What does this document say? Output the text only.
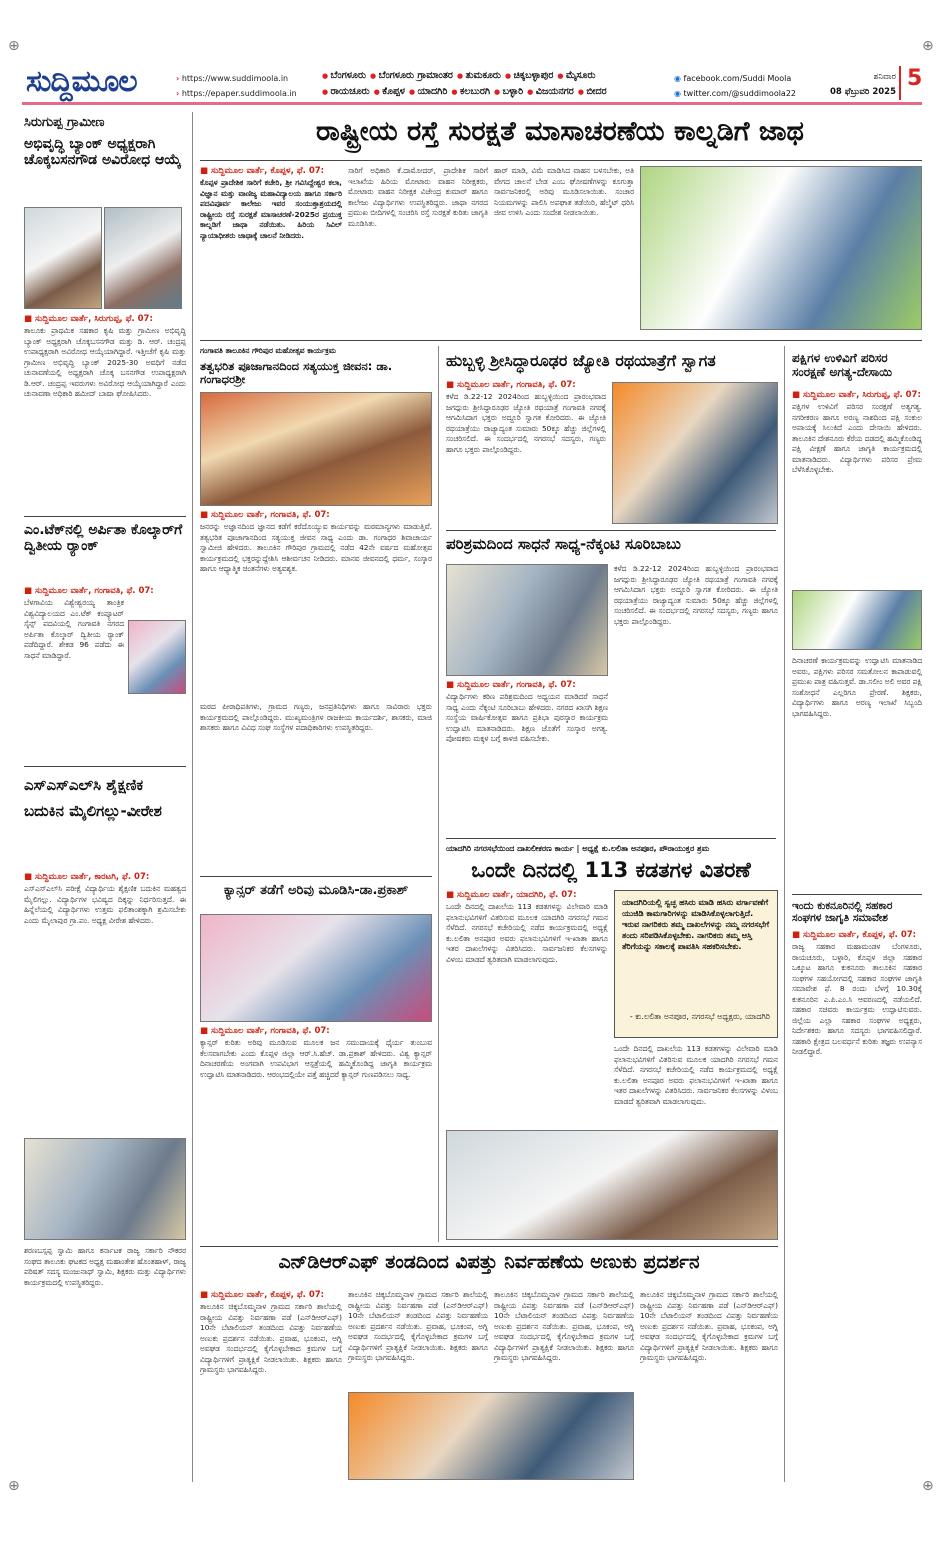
ಸುದ್ದಿಮೂಲ	› https://www.suddimoola.in
› https://epaper.suddimoola.in
● ಬೆಂಗಳೂರು ● ಬೆಂಗಳೂರು ಗ್ರಾಮಾಂತರ ● ತುಮಕೂರು ● ಚಿಕ್ಕಬಳ್ಳಾಪುರ ● ಮೈಸೂರು
● ರಾಯಚೂರು ● ಕೊಪ್ಪಳ ● ಯಾದಗಿರಿ ● ಕಲಬುರಗಿ ● ಬಳ್ಳಾರಿ ● ವಿಜಯನಗರ ● ಬೀದರ
◉ facebook.com/Suddi Moola
◉ twitter.com/@suddimoola22
ಶನಿವಾರ
08 ಫೆಬ್ರುವರಿ 2025
5
⊕	⊕
⊕	⊕
ಸಿರುಗುಪ್ಪ ಗ್ರಾಮೀಣ
ಅಭಿವೃದ್ಧಿ ಬ್ಯಾಂಕ್ ಅಧ್ಯಕ್ಷರಾಗಿ ಚೊಕ್ಕಬಸನಗೌಡ ಅವಿರೋಧ ಆಯ್ಕೆ
■ ಸುದ್ದಿಮೂಲ ವಾರ್ತೆ, ಸಿರುಗುಪ್ಪ, ಫೆ. 07:
ತಾಲೂಕು ಪ್ರಾಥಮಿಕ ಸಹಕಾರ ಕೃಷಿ ಮತ್ತು ಗ್ರಾಮೀಣ ಅಭಿವೃದ್ಧಿ ಬ್ಯಾಂಕ್ ಅಧ್ಯಕ್ಷರಾಗಿ ಚೊಕ್ಕಬಸನಗೌಡ ಮತ್ತು ಡಿ. ಆರ್. ಚಂದ್ರಪ್ಪ ಉಪಾಧ್ಯಕ್ಷರಾಗಿ ಅವಿರೋಧ ಆಯ್ಕೆಯಾಗಿದ್ದಾರೆ. ಇತ್ತೀಚೆಗೆ ಕೃಷಿ ಮತ್ತು ಗ್ರಾಮೀಣ ಅಭಿವೃದ್ಧಿ ಬ್ಯಾಂಕ್ 2025-30 ಅವಧಿಗೆ ನಡೆದ ಚುನಾವಣೆಯಲ್ಲಿ ಅಧ್ಯಕ್ಷರಾಗಿ ಚೊಕ್ಕ ಬಸನಗೌಡ ಉಪಾಧ್ಯಕ್ಷರಾಗಿ ಡಿ.ಆರ್. ಚಂದ್ರಪ್ಪ ಇವರುಗಳು ಅವಿರೋಧ ಆಯ್ಕೆಯಾಗಿದ್ದಾರೆ ಎಂದು ಚುನಾವಣಾ ಅಧಿಕಾರಿ ಹಮೀದ್ ಬಾಷಾ ಘೋಷಿಸಿದರು.
ಎಂ.ಟೆಕ್‌ನಲ್ಲಿ ಅರ್ಪಿತಾ ಕೊಲ್ಕಾರ್‌ಗೆ ದ್ವಿತೀಯ ರ್‍ಯಾಂಕ್
■ ಸುದ್ದಿಮೂಲ ವಾರ್ತೆ, ಗಂಗಾವತಿ, ಫೆ. 07:
ಬೆಳಗಾವಿಯ ವಿಶ್ವೇಶ್ವರಯ್ಯ ತಾಂತ್ರಿಕ ವಿಶ್ವವಿದ್ಯಾಲಯದ ಎಂ.ಟೆಕ್ ಕಂಪ್ಯೂಟರ್ ಸೈನ್ಸ್ ಪದವಿಯಲ್ಲಿ ಗಂಗಾವತಿ ನಗರದ ಅರ್ಪಿತಾ ಕೊಲ್ಕಾರ್ ದ್ವಿತೀಯ ರ್‍ಯಾಂಕ್ ಪಡೆದಿದ್ದಾರೆ. ಶೇಕಡ 96 ಪಡೆದು ಈ ಸಾಧನೆ ಮಾಡಿದ್ದಾರೆ.
ಎಸ್‌ಎಸ್‌ಎಲ್‌ಸಿ ಶೈಕ್ಷಣಿಕ ಬದುಕಿನ ಮೈಲಿಗಲ್ಲು-ವೀರೇಶ
■ ಸುದ್ದಿಮೂಲ ವಾರ್ತೆ, ಕಾರಟಗಿ, ಫೆ. 07:
ಎಸ್‌ಎಸ್‌ಎಲ್‌ಸಿ ಪರೀಕ್ಷೆ ವಿದ್ಯಾರ್ಥಿಯ ಶೈಕ್ಷಣಿಕ ಬದುಕಿನ ಮಹತ್ವದ ಮೈಲಿಗಲ್ಲು. ವಿದ್ಯಾರ್ಥಿಗಳ ಭವಿಷ್ಯದ ದಿಕ್ಕನ್ನು ನಿರ್ಧರಿಸುತ್ತದೆ. ಈ ಹಿನ್ನೆಲೆಯಲ್ಲಿ ವಿದ್ಯಾರ್ಥಿಗಳು ಉತ್ತಮ ಫಲಿತಾಂಶಕ್ಕಾಗಿ ಶ್ರಮಿಸಬೇಕು ಎಂದು ಮೈಲಾಪುರ ಗ್ರಾ.ಪಂ. ಅಧ್ಯಕ್ಷ ವೀರೇಶ ಹೇಳಿದರು.
ಶರಣಬಸ್ಸಪ್ಪ ಸ್ವಾಮಿ ಹಾಗೂ ಕರ್ನಾಟಕ ರಾಜ್ಯ ಸರ್ಕಾರಿ ನೌಕರರ ಸಂಘದ ತಾಲೂಕು ಘಟಕದ ಅಧ್ಯಕ್ಷ ಮಹಾಂತೇಶ ಹೊಂತಹಾಳ್, ರಾಜ್ಯ ಪರಿಷತ್ ಸದಸ್ಯ ಮಂಜುನಾಥ್ ಸ್ವಾಮಿ, ಶಿಕ್ಷಕರು ಮತ್ತು ವಿದ್ಯಾರ್ಥಿಗಳು ಕಾರ್ಯಕ್ರಮದಲ್ಲಿ ಉಪಸ್ಥಿತರಿದ್ದರು.
ರಾಷ್ಟ್ರೀಯ ರಸ್ತೆ ಸುರಕ್ಷತೆ ಮಾಸಾಚರಣೆಯ ಕಾಲ್ನಡಿಗೆ ಜಾಥ
■ ಸುದ್ದಿಮೂಲ ವಾರ್ತೆ, ಕೊಪ್ಪಳ, ಫೆ. 07:
ಕೊಪ್ಪಳ ಪ್ರಾದೇಶಿಕ ಸಾರಿಗೆ ಕಚೇರಿ, ಶ್ರೀ ಗವಿಸಿದ್ದೇಶ್ವರ ಕಲಾ, ವಿಜ್ಞಾನ ಮತ್ತು ವಾಣಿಜ್ಯ ಮಹಾವಿದ್ಯಾಲಯ ಹಾಗೂ ಸರ್ಕಾರಿ ಪದವಿಪೂರ್ವ ಕಾಲೇಜು ಇವರ ಸಂಯುಕ್ತಾಶ್ರಯದಲ್ಲಿ ರಾಷ್ಟ್ರೀಯ ರಸ್ತೆ ಸುರಕ್ಷತೆ ಮಾಸಾಚರಣೆ-2025ರ ಪ್ರಯುಕ್ತ ಕಾಲ್ನಡಿಗೆ ಜಾಥಾ ನಡೆಯಿತು. ಹಿರಿಯ ಸಿವಿಲ್ ನ್ಯಾಯಾಧೀಶರು ಜಾಥಾಕ್ಕೆ ಚಾಲನೆ ನೀಡಿದರು.
ಸಾರಿಗೆ ಅಧಿಕಾರಿ ಕೆ.ದಾಮೋದರ್, ಪ್ರಾದೇಶಿಕ ಸಾರಿಗೆ ಇಲಾಖೆಯ ಹಿರಿಯ ಮೋಟಾರು ವಾಹನ ನಿರೀಕ್ಷಕರು, ಮೋಟಾರು ವಾಹನ ನಿರೀಕ್ಷಕ ವಿಜೇಂದ್ರ ಕುಮಾರ್ ಹಾಗೂ ಕಾಲೇಜು ವಿದ್ಯಾರ್ಥಿಗಳು ಉಪಸ್ಥಿತರಿದ್ದರು. ಜಾಥಾ ನಗರದ ಪ್ರಮುಖ ಬೀದಿಗಳಲ್ಲಿ ಸಂಚರಿಸಿ ರಸ್ತೆ ಸುರಕ್ಷತೆ ಕುರಿತು ಜಾಗೃತಿ ಮೂಡಿಸಿತು.
ಹಾರ್ ಮಾಡಿ, ವಿಮೆ ಮಾಡಿಸಿದ ವಾಹನ ಬಳಸಬೇಕು, ಅತಿ ವೇಗದ ಚಾಲನೆ ಬೇಡ ಎಂಬ ಘೋಷಣೆಗಳನ್ನು ಕೂಗುತ್ತಾ ಸಾರ್ವಜನಿಕರಲ್ಲಿ ಅರಿವು ಮೂಡಿಸಲಾಯಿತು. ಸಂಚಾರ ನಿಯಮಗಳನ್ನು ಪಾಲಿಸಿ ಅಪಘಾತ ತಡೆಯಿರಿ, ಹೆಲ್ಮೆಟ್ ಧರಿಸಿ ಜೀವ ಉಳಿಸಿ ಎಂದು ಸಂದೇಶ ನೀಡಲಾಯಿತು.
ಗಂಗಾವತಿ ತಾಲೂಕಿನ ಗೌರಿಪುರ ಮಹೋತ್ಸವ ಕಾರ್ಯಕ್ರಮ
ತತ್ವಭರಿತ ಪೂಜಾಗಾನದಿಂದ ಸತ್ಯಯುಕ್ತ ಜೀವನ: ಡಾ. ಗಂಗಾಧರಶ್ರೀ
■ ಸುದ್ದಿಮೂಲ ವಾರ್ತೆ, ಗಂಗಾವತಿ, ಫೆ. 07:
ಜನರನ್ನು ಅಜ್ಞಾನದಿಂದ ಜ್ಞಾನದ ಕಡೆಗೆ ಕರೆದೊಯ್ಯುವ ಕಾರ್ಯವನ್ನು ಮಠಮಾನ್ಯಗಳು ಮಾಡುತ್ತಿವೆ. ತತ್ವಭರಿತ ಪೂಜಾಗಾನದಿಂದ ಸತ್ಯಯುಕ್ತ ಜೀವನ ಸಾಧ್ಯ ಎಂದು ಡಾ. ಗಂಗಾಧರ ಶಿವಾಚಾರ್ಯ ಸ್ವಾಮೀಜಿ ಹೇಳಿದರು. ತಾಲೂಕಿನ ಗೌರಿಪುರ ಗ್ರಾಮದಲ್ಲಿ ನಡೆದ 42ನೇ ವರ್ಷದ ಮಹೋತ್ಸವ ಕಾರ್ಯಕ್ರಮದಲ್ಲಿ ಭಕ್ತರನ್ನುದ್ದೇಶಿಸಿ ಆಶೀರ್ವಚನ ನೀಡಿದರು. ಮಾನವ ಜೀವನದಲ್ಲಿ ಧರ್ಮ, ಸಂಸ್ಕಾರ ಹಾಗೂ ಆಧ್ಯಾತ್ಮಿಕ ಚಿಂತನೆಗಳು ಅತ್ಯವಶ್ಯಕ.
ಮಠದ ಪೀಠಾಧಿಪತಿಗಳು, ಗ್ರಾಮದ ಗಣ್ಯರು, ಜನಪ್ರತಿನಿಧಿಗಳು ಹಾಗೂ ಸಾವಿರಾರು ಭಕ್ತರು ಕಾರ್ಯಕ್ರಮದಲ್ಲಿ ಪಾಲ್ಗೊಂಡಿದ್ದರು. ಮುಖ್ಯಮಂತ್ರಿಗಳ ರಾಜಕೀಯ ಕಾರ್ಯದರ್ಶಿ, ಶಾಸಕರು, ಮಾಜಿ ಶಾಸಕರು ಹಾಗೂ ವಿವಿಧ ಸಂಘ ಸಂಸ್ಥೆಗಳ ಪದಾಧಿಕಾರಿಗಳು ಉಪಸ್ಥಿತರಿದ್ದರು.
ಕ್ಯಾನ್ಸರ್ ತಡೆಗೆ ಅರಿವು ಮೂಡಿಸಿ-ಡಾ.ಪ್ರಕಾಶ್
■ ಸುದ್ದಿಮೂಲ ವಾರ್ತೆ, ಗಂಗಾವತಿ, ಫೆ. 07:
ಕ್ಯಾನ್ಸರ್ ಕುರಿತು ಅರಿವು ಮೂಡಿಸುವ ಮೂಲಕ ಜನ ಸಮುದಾಯಕ್ಕೆ ಧೈರ್ಯ ತುಂಬುವ ಕೆಲಸವಾಗಬೇಕು ಎಂದು ಕೊಪ್ಪಳ ಜಿಲ್ಲಾ ಆರ್.ಸಿ.ಹೆಚ್. ಡಾ.ಪ್ರಕಾಶ್ ಹೇಳಿದರು. ವಿಶ್ವ ಕ್ಯಾನ್ಸರ್ ದಿನಾಚರಣೆಯ ಅಂಗವಾಗಿ ಉಪವಿಭಾಗ ಆಸ್ಪತ್ರೆಯಲ್ಲಿ ಹಮ್ಮಿಕೊಂಡಿದ್ದ ಜಾಗೃತಿ ಕಾರ್ಯಕ್ರಮ ಉದ್ಘಾಟಿಸಿ ಮಾತನಾಡಿದರು. ಆರಂಭದಲ್ಲಿಯೇ ಪತ್ತೆ ಹಚ್ಚಿದರೆ ಕ್ಯಾನ್ಸರ್ ಗುಣಪಡಿಸಲು ಸಾಧ್ಯ.
ಹುಬ್ಬಳ್ಳಿ ಶ್ರೀಸಿದ್ಧಾರೂಢರ ಜ್ಯೋತಿ ರಥಯಾತ್ರೆಗೆ ಸ್ವಾಗತ
■ ಸುದ್ದಿಮೂಲ ವಾರ್ತೆ, ಗಂಗಾವತಿ, ಫೆ. 07:
ಕಳೆದ ಡಿ.22-12 2024ರಿಂದ ಹುಬ್ಬಳ್ಳಿಯಿಂದ ಪ್ರಾರಂಭವಾದ ಜಗದ್ಗುರು ಶ್ರೀಸಿದ್ಧಾರೂಢರ ಜ್ಯೋತಿ ರಥಯಾತ್ರೆ ಗಂಗಾವತಿ ನಗರಕ್ಕೆ ಆಗಮಿಸಿದಾಗ ಭಕ್ತರು ಅದ್ದೂರಿ ಸ್ವಾಗತ ಕೋರಿದರು. ಈ ಜ್ಯೋತಿ ರಥಯಾತ್ರೆಯು ರಾಜ್ಯಾದ್ಯಂತ ಸುಮಾರು 50ಕ್ಕೂ ಹೆಚ್ಚು ಜಿಲ್ಲೆಗಳಲ್ಲಿ ಸಂಚರಿಸಲಿದೆ. ಈ ಸಂದರ್ಭದಲ್ಲಿ ನಗರಸಭೆ ಸದಸ್ಯರು, ಗಣ್ಯರು ಹಾಗೂ ಭಕ್ತರು ಪಾಲ್ಗೊಂಡಿದ್ದರು.
ಪರಿಶ್ರಮದಿಂದ ಸಾಧನೆ ಸಾಧ್ಯ-ನೆಕ್ಕಂಟಿ ಸೂರಿಬಾಬು
■ ಸುದ್ದಿಮೂಲ ವಾರ್ತೆ, ಗಂಗಾವತಿ, ಫೆ. 07:
ವಿದ್ಯಾರ್ಥಿಗಳು ಕಠಿಣ ಪರಿಶ್ರಮದಿಂದ ಅಧ್ಯಯನ ಮಾಡಿದರೆ ಸಾಧನೆ ಸಾಧ್ಯ ಎಂದು ನೆಕ್ಕಂಟಿ ಸೂರಿಬಾಬು ಹೇಳಿದರು. ನಗರದ ಖಾಸಗಿ ಶಿಕ್ಷಣ ಸಂಸ್ಥೆಯ ವಾರ್ಷಿಕೋತ್ಸವ ಹಾಗೂ ಪ್ರತಿಭಾ ಪುರಸ್ಕಾರ ಕಾರ್ಯಕ್ರಮ ಉದ್ಘಾಟಿಸಿ ಮಾತನಾಡಿದರು. ಶಿಕ್ಷಣ ಜೊತೆಗೆ ಸಂಸ್ಕಾರ ಅಗತ್ಯ. ಪೋಷಕರು ಮಕ್ಕಳ ಬಗ್ಗೆ ಕಾಳಜಿ ವಹಿಸಬೇಕು.
ಕಳೆದ ಡಿ.22-12 2024ರಿಂದ ಹುಬ್ಬಳ್ಳಿಯಿಂದ ಪ್ರಾರಂಭವಾದ ಜಗದ್ಗುರು ಶ್ರೀಸಿದ್ಧಾರೂಢರ ಜ್ಯೋತಿ ರಥಯಾತ್ರೆ ಗಂಗಾವತಿ ನಗರಕ್ಕೆ ಆಗಮಿಸಿದಾಗ ಭಕ್ತರು ಅದ್ದೂರಿ ಸ್ವಾಗತ ಕೋರಿದರು. ಈ ಜ್ಯೋತಿ ರಥಯಾತ್ರೆಯು ರಾಜ್ಯಾದ್ಯಂತ ಸುಮಾರು 50ಕ್ಕೂ ಹೆಚ್ಚು ಜಿಲ್ಲೆಗಳಲ್ಲಿ ಸಂಚರಿಸಲಿದೆ. ಈ ಸಂದರ್ಭದಲ್ಲಿ ನಗರಸಭೆ ಸದಸ್ಯರು, ಗಣ್ಯರು ಹಾಗೂ ಭಕ್ತರು ಪಾಲ್ಗೊಂಡಿದ್ದರು.
ಯಾದಗಿರಿ ನಗರಸಭೆಯಿಂದ ದಾಖಲೀಕರಣ ಕಾರ್ಯ | ಅಧ್ಯಕ್ಷೆ ಕು.ಲಲಿತಾ ಅನಪೂರ, ಪೌರಾಯುಕ್ತರ ಶ್ರಮ
ಒಂದೇ ದಿನದಲ್ಲಿ 113 ಕಡತಗಳ ವಿತರಣೆ
■ ಸುದ್ದಿಮೂಲ ವಾರ್ತೆ, ಯಾದಗಿರಿ, ಫೆ. 07:
ಒಂದೇ ದಿನದಲ್ಲಿ ದಾಖಲೆಯ 113 ಕಡತಗಳನ್ನು ವಿಲೇವಾರಿ ಮಾಡಿ ಫಲಾನುಭವಿಗಳಿಗೆ ವಿತರಿಸುವ ಮೂಲಕ ಯಾದಗಿರಿ ನಗರಸಭೆ ಗಮನ ಸೆಳೆದಿದೆ. ನಗರಸಭೆ ಕಚೇರಿಯಲ್ಲಿ ನಡೆದ ಕಾರ್ಯಕ್ರಮದಲ್ಲಿ ಅಧ್ಯಕ್ಷೆ ಕು.ಲಲಿತಾ ಅನಪೂರ ಅವರು ಫಲಾನುಭವಿಗಳಿಗೆ ಇ-ಖಾತಾ ಹಾಗೂ ಇತರ ದಾಖಲೆಗಳನ್ನು ವಿತರಿಸಿದರು. ಸಾರ್ವಜನಿಕರ ಕೆಲಸಗಳನ್ನು ವಿಳಂಬ ಮಾಡದೆ ತ್ವರಿತವಾಗಿ ಮಾಡಲಾಗುವುದು.
ಯಾದಗಿರಿಯಲ್ಲಿ ಸ್ವಚ್ಛ ಹಸಿರು ಮಾಡಿ ಹಸಿರು ವರ್ಗಾವಣೆಗೆ ಯುಜಿಡಿ ಕಾಮಗಾರಿಗಳನ್ನು ಮಾಡಿಸಿಕೊಳ್ಳಲಾಗುತ್ತಿದೆ. ಇರುವ ನಾಗರಿಕರು ತಮ್ಮ ದಾಖಲೆಗಳನ್ನು ನಮ್ಮ ನಗರಸಭೆಗೆ ತಂದು ಸರಿಪಡಿಸಿಕೊಳ್ಳಬೇಕು. ನಾಗರಿಕರು ತಮ್ಮ ಆಸ್ತಿ ತೆರಿಗೆಯನ್ನು ಸಕಾಲಕ್ಕೆ ಪಾವತಿಸಿ ಸಹಕರಿಸಬೇಕು.
- ಕು.ಲಲಿತಾ ಅನಪೂರ, ನಗರಸಭೆ ಅಧ್ಯಕ್ಷರು, ಯಾದಗಿರಿ
ಒಂದೇ ದಿನದಲ್ಲಿ ದಾಖಲೆಯ 113 ಕಡತಗಳನ್ನು ವಿಲೇವಾರಿ ಮಾಡಿ ಫಲಾನುಭವಿಗಳಿಗೆ ವಿತರಿಸುವ ಮೂಲಕ ಯಾದಗಿರಿ ನಗರಸಭೆ ಗಮನ ಸೆಳೆದಿದೆ. ನಗರಸಭೆ ಕಚೇರಿಯಲ್ಲಿ ನಡೆದ ಕಾರ್ಯಕ್ರಮದಲ್ಲಿ ಅಧ್ಯಕ್ಷೆ ಕು.ಲಲಿತಾ ಅನಪೂರ ಅವರು ಫಲಾನುಭವಿಗಳಿಗೆ ಇ-ಖಾತಾ ಹಾಗೂ ಇತರ ದಾಖಲೆಗಳನ್ನು ವಿತರಿಸಿದರು. ಸಾರ್ವಜನಿಕರ ಕೆಲಸಗಳನ್ನು ವಿಳಂಬ ಮಾಡದೆ ತ್ವರಿತವಾಗಿ ಮಾಡಲಾಗುವುದು.
ಪಕ್ಷಿಗಳ ಉಳಿವಿಗೆ ಪರಿಸರ ಸಂರಕ್ಷಣೆ ಅಗತ್ಯ-ದೇಸಾಯಿ
■ ಸುದ್ದಿಮೂಲ ವಾರ್ತೆ, ಸಿರುಗುಪ್ಪ, ಫೆ. 07:
ಪಕ್ಷಿಗಳ ಉಳಿವಿಗೆ ಪರಿಸರ ಸಂರಕ್ಷಣೆ ಅತ್ಯಗತ್ಯ. ನಗರೀಕರಣ ಹಾಗೂ ಅರಣ್ಯ ನಾಶದಿಂದ ಪಕ್ಷಿ ಸಂಕುಲ ಅಪಾಯಕ್ಕೆ ಸಿಲುಕಿದೆ ಎಂದು ದೇಸಾಯಿ ಹೇಳಿದರು. ತಾಲೂಕಿನ ದೇಶನೂರು ಕೆರೆಯ ದಡದಲ್ಲಿ ಹಮ್ಮಿಕೊಂಡಿದ್ದ ಪಕ್ಷಿ ವೀಕ್ಷಣೆ ಹಾಗೂ ಜಾಗೃತಿ ಕಾರ್ಯಕ್ರಮದಲ್ಲಿ ಮಾತನಾಡಿದರು. ವಿದ್ಯಾರ್ಥಿಗಳು ಪರಿಸರ ಪ್ರೇಮ ಬೆಳೆಸಿಕೊಳ್ಳಬೇಕು.
ದಿನಾಚರಣೆ ಕಾರ್ಯಕ್ರಮವನ್ನು ಉದ್ಘಾಟಿಸಿ ಮಾತನಾಡಿದ ಅವರು, ಪಕ್ಷಿಗಳು ಪರಿಸರ ಸಮತೋಲನ ಕಾಪಾಡುವಲ್ಲಿ ಪ್ರಮುಖ ಪಾತ್ರ ವಹಿಸುತ್ತವೆ. ಡಾ.ಸಲೀಂ ಅಲಿ ಅವರ ಪಕ್ಷಿ ಸಂಶೋಧನೆ ಎಲ್ಲರಿಗೂ ಪ್ರೇರಣೆ. ಶಿಕ್ಷಕರು, ವಿದ್ಯಾರ್ಥಿಗಳು ಹಾಗೂ ಅರಣ್ಯ ಇಲಾಖೆ ಸಿಬ್ಬಂದಿ ಭಾಗವಹಿಸಿದ್ದರು.
ಇಂದು ಕುಕನೂರಿನಲ್ಲಿ ಸಹಕಾರ ಸಂಘಗಳ ಜಾಗೃತಿ ಸಮಾವೇಶ
■ ಸುದ್ದಿಮೂಲ ವಾರ್ತೆ, ಕೊಪ್ಪಳ, ಫೆ. 07:
ರಾಜ್ಯ ಸಹಕಾರ ಮಹಾಮಂಡಳ ಬೆಂಗಳೂರು, ರಾಯಚೂರು, ಬಳ್ಳಾರಿ, ಕೊಪ್ಪಳ ಜಿಲ್ಲಾ ಸಹಕಾರ ಒಕ್ಕೂಟ ಹಾಗೂ ಕುಕನೂರು ತಾಲೂಕಿನ ಸಹಕಾರ ಸಂಘಗಳ ಸಹಯೋಗದಲ್ಲಿ ಸಹಕಾರ ಸಂಘಗಳ ಜಾಗೃತಿ ಸಮಾವೇಶ ಫೆ. 8 ರಂದು ಬೆಳಗ್ಗೆ 10.30ಕ್ಕೆ ಕುಕನೂರಿನ ಎ.ಪಿ.ಎಂ.ಸಿ ಆವರಣದಲ್ಲಿ ನಡೆಯಲಿದೆ. ಸಹಕಾರ ಸಚಿವರು ಕಾರ್ಯಕ್ರಮ ಉದ್ಘಾಟಿಸುವರು. ಜಿಲ್ಲೆಯ ಎಲ್ಲಾ ಸಹಕಾರ ಸಂಘಗಳ ಅಧ್ಯಕ್ಷರು, ನಿರ್ದೇಶಕರು ಹಾಗೂ ಸದಸ್ಯರು ಭಾಗವಹಿಸಲಿದ್ದಾರೆ. ಸಹಕಾರಿ ಕ್ಷೇತ್ರದ ಬಲವರ್ಧನೆ ಕುರಿತು ತಜ್ಞರು ಉಪನ್ಯಾಸ ನೀಡಲಿದ್ದಾರೆ.
ಎನ್‌ಡಿಆರ್‌ಎಫ್ ತಂಡದಿಂದ ವಿಪತ್ತು ನಿರ್ವಹಣೆಯ ಅಣುಕು ಪ್ರದರ್ಶನ
■ ಸುದ್ದಿಮೂಲ ವಾರ್ತೆ, ಕೊಪ್ಪಳ, ಫೆ. 07:
ತಾಲೂಕಿನ ಚಿಕ್ಕಬೊಮ್ಮನಾಳ ಗ್ರಾಮದ ಸರ್ಕಾರಿ ಶಾಲೆಯಲ್ಲಿ ರಾಷ್ಟ್ರೀಯ ವಿಪತ್ತು ನಿರ್ವಹಣಾ ಪಡೆ (ಎನ್‌ಡಿಆರ್‌ಎಫ್) 10ನೇ ಬೆಟಾಲಿಯನ್ ತಂಡದಿಂದ ವಿಪತ್ತು ನಿರ್ವಹಣೆಯ ಅಣುಕು ಪ್ರದರ್ಶನ ನಡೆಯಿತು. ಪ್ರವಾಹ, ಭೂಕಂಪ, ಅಗ್ನಿ ಅವಘಡ ಸಂದರ್ಭದಲ್ಲಿ ಕೈಗೊಳ್ಳಬೇಕಾದ ಕ್ರಮಗಳ ಬಗ್ಗೆ ವಿದ್ಯಾರ್ಥಿಗಳಿಗೆ ಪ್ರಾತ್ಯಕ್ಷಿಕೆ ನೀಡಲಾಯಿತು. ಶಿಕ್ಷಕರು ಹಾಗೂ ಗ್ರಾಮಸ್ಥರು ಭಾಗವಹಿಸಿದ್ದರು.
ತಾಲೂಕಿನ ಚಿಕ್ಕಬೊಮ್ಮನಾಳ ಗ್ರಾಮದ ಸರ್ಕಾರಿ ಶಾಲೆಯಲ್ಲಿ ರಾಷ್ಟ್ರೀಯ ವಿಪತ್ತು ನಿರ್ವಹಣಾ ಪಡೆ (ಎನ್‌ಡಿಆರ್‌ಎಫ್) 10ನೇ ಬೆಟಾಲಿಯನ್ ತಂಡದಿಂದ ವಿಪತ್ತು ನಿರ್ವಹಣೆಯ ಅಣುಕು ಪ್ರದರ್ಶನ ನಡೆಯಿತು. ಪ್ರವಾಹ, ಭೂಕಂಪ, ಅಗ್ನಿ ಅವಘಡ ಸಂದರ್ಭದಲ್ಲಿ ಕೈಗೊಳ್ಳಬೇಕಾದ ಕ್ರಮಗಳ ಬಗ್ಗೆ ವಿದ್ಯಾರ್ಥಿಗಳಿಗೆ ಪ್ರಾತ್ಯಕ್ಷಿಕೆ ನೀಡಲಾಯಿತು. ಶಿಕ್ಷಕರು ಹಾಗೂ ಗ್ರಾಮಸ್ಥರು ಭಾಗವಹಿಸಿದ್ದರು.
ತಾಲೂಕಿನ ಚಿಕ್ಕಬೊಮ್ಮನಾಳ ಗ್ರಾಮದ ಸರ್ಕಾರಿ ಶಾಲೆಯಲ್ಲಿ ರಾಷ್ಟ್ರೀಯ ವಿಪತ್ತು ನಿರ್ವಹಣಾ ಪಡೆ (ಎನ್‌ಡಿಆರ್‌ಎಫ್) 10ನೇ ಬೆಟಾಲಿಯನ್ ತಂಡದಿಂದ ವಿಪತ್ತು ನಿರ್ವಹಣೆಯ ಅಣುಕು ಪ್ರದರ್ಶನ ನಡೆಯಿತು. ಪ್ರವಾಹ, ಭೂಕಂಪ, ಅಗ್ನಿ ಅವಘಡ ಸಂದರ್ಭದಲ್ಲಿ ಕೈಗೊಳ್ಳಬೇಕಾದ ಕ್ರಮಗಳ ಬಗ್ಗೆ ವಿದ್ಯಾರ್ಥಿಗಳಿಗೆ ಪ್ರಾತ್ಯಕ್ಷಿಕೆ ನೀಡಲಾಯಿತು. ಶಿಕ್ಷಕರು ಹಾಗೂ ಗ್ರಾಮಸ್ಥರು ಭಾಗವಹಿಸಿದ್ದರು.
ತಾಲೂಕಿನ ಚಿಕ್ಕಬೊಮ್ಮನಾಳ ಗ್ರಾಮದ ಸರ್ಕಾರಿ ಶಾಲೆಯಲ್ಲಿ ರಾಷ್ಟ್ರೀಯ ವಿಪತ್ತು ನಿರ್ವಹಣಾ ಪಡೆ (ಎನ್‌ಡಿಆರ್‌ಎಫ್) 10ನೇ ಬೆಟಾಲಿಯನ್ ತಂಡದಿಂದ ವಿಪತ್ತು ನಿರ್ವಹಣೆಯ ಅಣುಕು ಪ್ರದರ್ಶನ ನಡೆಯಿತು. ಪ್ರವಾಹ, ಭೂಕಂಪ, ಅಗ್ನಿ ಅವಘಡ ಸಂದರ್ಭದಲ್ಲಿ ಕೈಗೊಳ್ಳಬೇಕಾದ ಕ್ರಮಗಳ ಬಗ್ಗೆ ವಿದ್ಯಾರ್ಥಿಗಳಿಗೆ ಪ್ರಾತ್ಯಕ್ಷಿಕೆ ನೀಡಲಾಯಿತು. ಶಿಕ್ಷಕರು ಹಾಗೂ ಗ್ರಾಮಸ್ಥರು ಭಾಗವಹಿಸಿದ್ದರು.
